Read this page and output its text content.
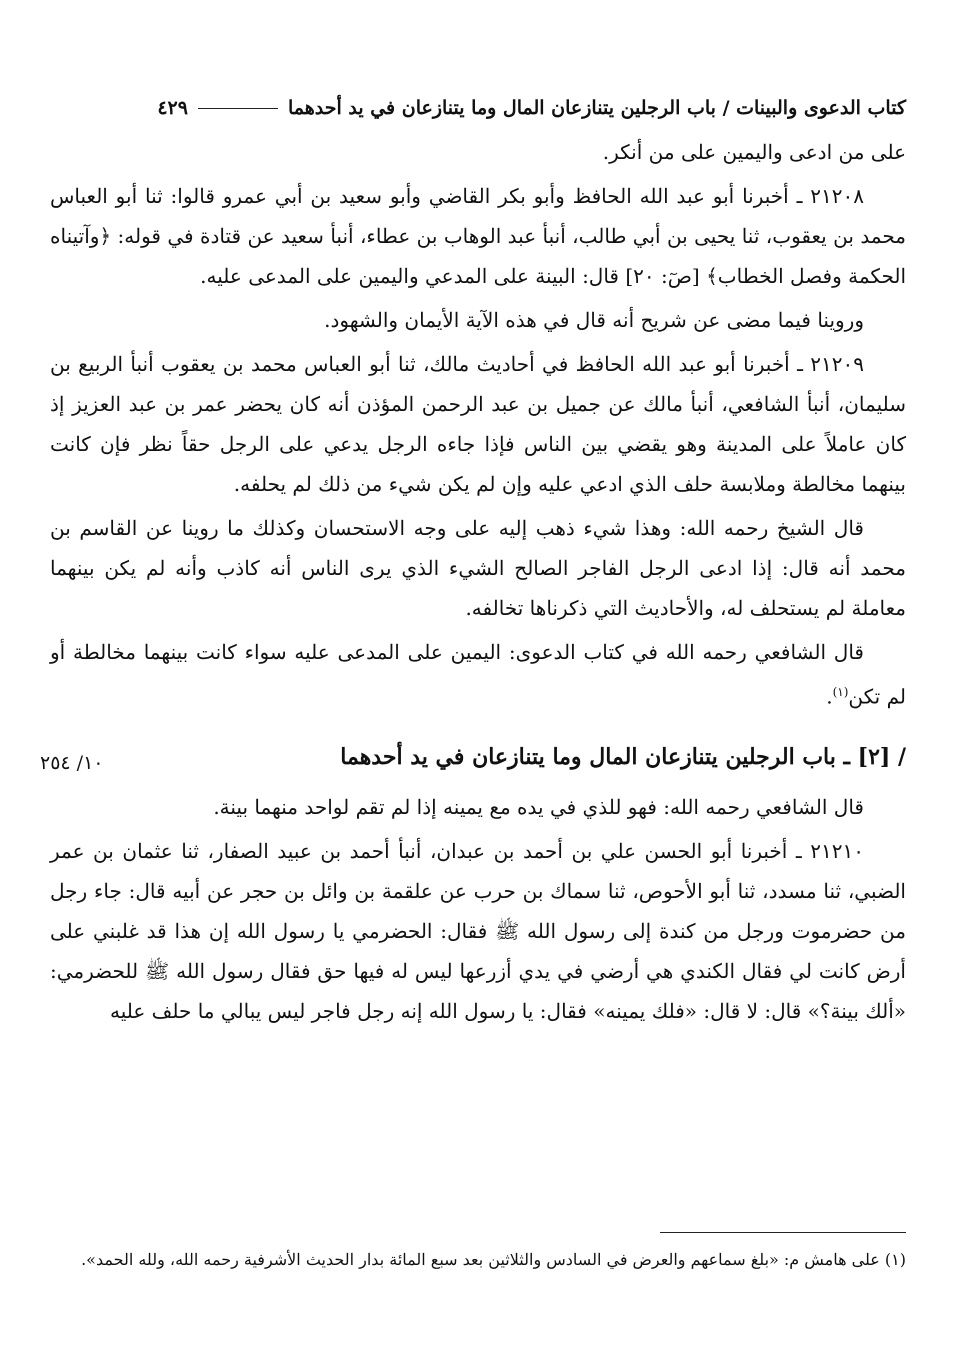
كتاب الدعوى والبينات / باب الرجلين يتنازعان المال وما يتنازعان في يد أحدهما
٤٢٩

على من ادعى واليمين على من أنكر.

٢١٢٠٨ ـ أخبرنا أبو عبد الله الحافظ وأبو بكر القاضي وأبو سعيد بن أبي عمرو قالوا: ثنا أبو العباس محمد بن يعقوب، ثنا يحيى بن أبي طالب، أنبأ عبد الوهاب بن عطاء، أنبأ سعيد عن قتادة في قوله: ﴿وآتيناه الحكمة وفصل الخطاب﴾ [صٓ: ٢٠] قال: البينة على المدعي واليمين على المدعى عليه.

وروينا فيما مضى عن شريح أنه قال في هذه الآية الأيمان والشهود.

٢١٢٠٩ ـ أخبرنا أبو عبد الله الحافظ في أحاديث مالك، ثنا أبو العباس محمد بن يعقوب أنبأ الربيع بن سليمان، أنبأ الشافعي، أنبأ مالك عن جميل بن عبد الرحمن المؤذن أنه كان يحضر عمر بن عبد العزيز إذ كان عاملاً على المدينة وهو يقضي بين الناس فإذا جاءه الرجل يدعي على الرجل حقاً نظر فإن كانت بينهما مخالطة وملابسة حلف الذي ادعي عليه وإن لم يكن شيء من ذلك لم يحلفه.

قال الشيخ رحمه الله: وهذا شيء ذهب إليه على وجه الاستحسان وكذلك ما روينا عن القاسم بن محمد أنه قال: إذا ادعى الرجل الفاجر الصالح الشيء الذي يرى الناس أنه كاذب وأنه لم يكن بينهما معاملة لم يستحلف له، والأحاديث التي ذكرناها تخالفه.

قال الشافعي رحمه الله في كتاب الدعوى: اليمين على المدعى عليه سواء كانت بينهما مخالطة أو لم تكن$^{(١)}$.

/ [٢] ـ باب الرجلين يتنازعان المال وما يتنازعان في يد أحدهما
١٠/ ٢٥٤

قال الشافعي رحمه الله: فهو للذي في يده مع يمينه إذا لم تقم لواحد منهما بينة.

٢١٢١٠ ـ أخبرنا أبو الحسن علي بن أحمد بن عبدان، أنبأ أحمد بن عبيد الصفار، ثنا عثمان بن عمر الضبي، ثنا مسدد، ثنا أبو الأحوص، ثنا سماك بن حرب عن علقمة بن وائل بن حجر عن أبيه قال: جاء رجل من حضرموت ورجل من كندة إلى رسول الله ﷺ فقال: الحضرمي يا رسول الله إن هذا قد غلبني على أرض كانت لي فقال الكندي هي أرضي في يدي أزرعها ليس له فيها حق فقال رسول الله ﷺ للحضرمي: «ألك بينة؟» قال: لا قال: «فلك يمينه» فقال: يا رسول الله إنه رجل فاجر ليس يبالي ما حلف عليه

(١) على هامش م: «بلغ سماعهم والعرض في السادس والثلاثين بعد سبع المائة بدار الحديث الأشرفية رحمه الله، ولله الحمد».
